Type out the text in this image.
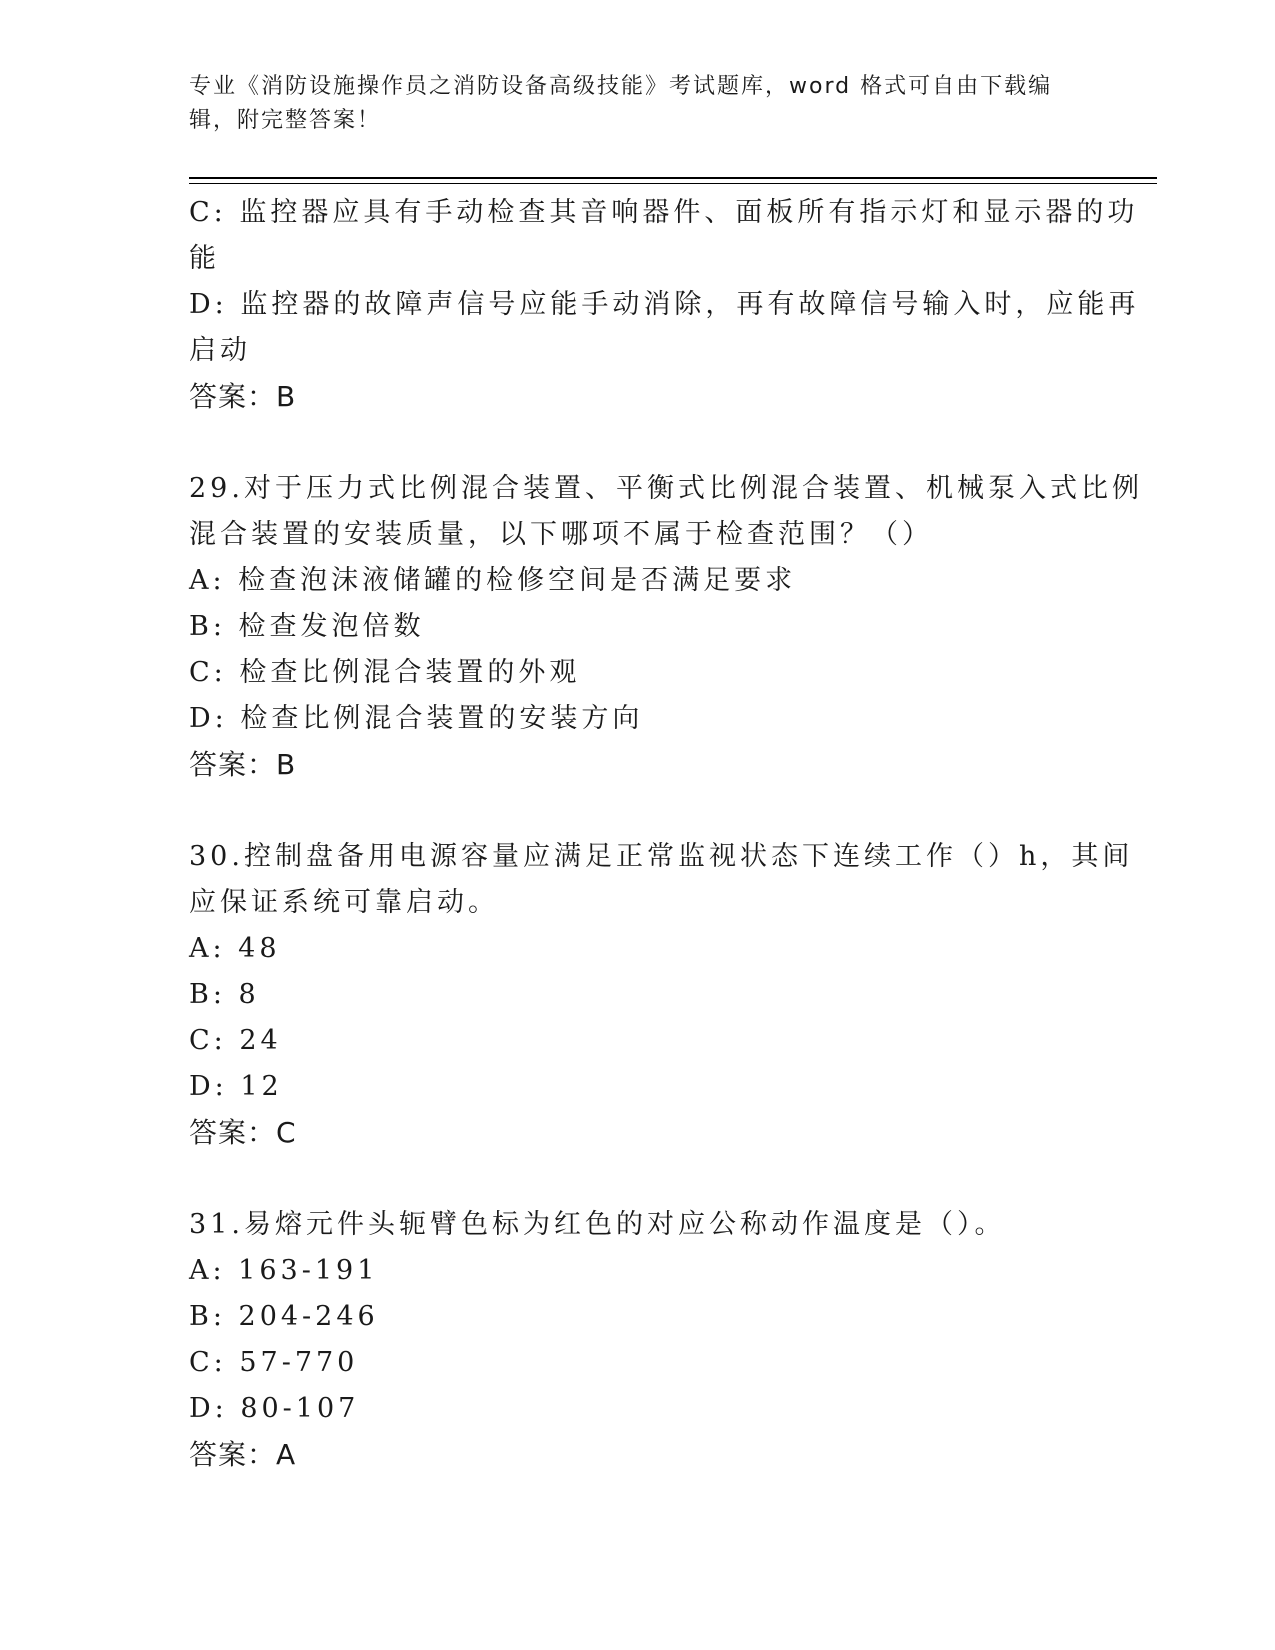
专业《消防设施操作员之消防设备高级技能》考试题库，word 格式可自由下载编
辑，附完整答案！
C: 监控器应具有手动检查其音响器件、面板所有指示灯和显示器的功
能
D: 监控器的故障声信号应能手动消除，再有故障信号输入时，应能再
启动
答案：B
29.对于压力式比例混合装置、平衡式比例混合装置、机械泵入式比例
混合装置的安装质量，以下哪项不属于检查范围？（）
A: 检查泡沫液储罐的检修空间是否满足要求
B: 检查发泡倍数
C: 检查比例混合装置的外观
D: 检查比例混合装置的安装方向
答案：B
30.控制盘备用电源容量应满足正常监视状态下连续工作（）h，其间
应保证系统可靠启动。
A: 48
B: 8
C: 24
D: 12
答案：C
31.易熔元件头轭臂色标为红色的对应公称动作温度是（）。
A: 163-191
B: 204-246
C: 57-770
D: 80-107
答案：A
